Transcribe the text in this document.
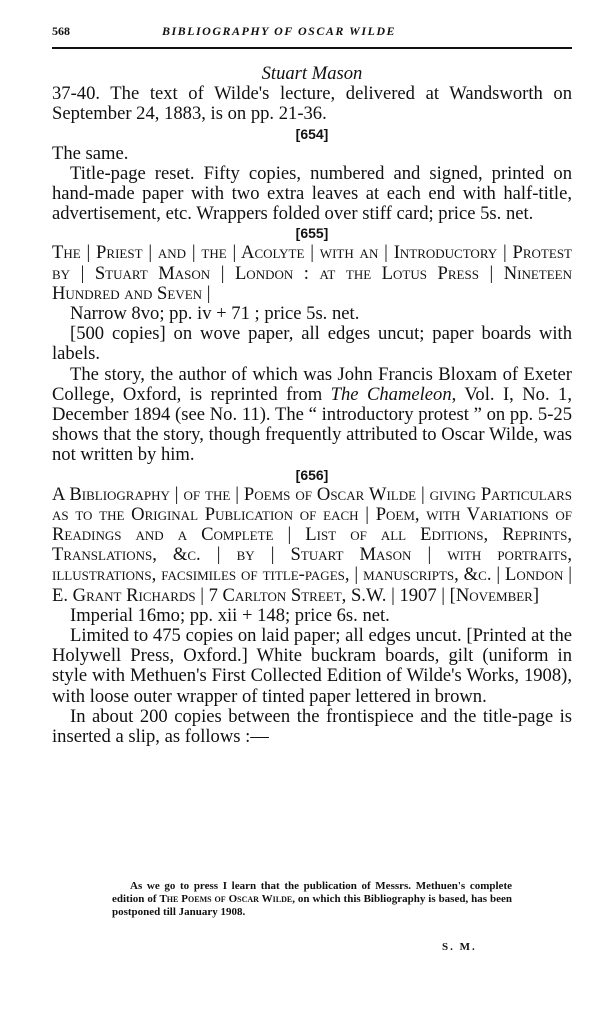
568	BIBLIOGRAPHY OF OSCAR WILDE

Stuart Mason

37-40. The text of Wilde's lecture, delivered at Wandsworth on September 24, 1883, is on pp. 21-36.

[654]

The same.

Title-page reset. Fifty copies, numbered and signed, printed on hand-made paper with two extra leaves at each end with half-title, advertisement, etc. Wrappers folded over stiff card; price 5s. net.

[655]

The | Priest | and | the | Acolyte | with an | Introductory | Protest by | Stuart Mason | London : at the Lotus Press | Nineteen Hundred and Seven |

Narrow 8vo; pp. iv + 71 ; price 5s. net.

[500 copies] on wove paper, all edges uncut; paper boards with labels.

The story, the author of which was John Francis Bloxam of Exeter College, Oxford, is reprinted from The Chameleon, Vol. I, No. 1, December 1894 (see No. 11). The “ introductory protest ” on pp. 5-25 shows that the story, though frequently attributed to Oscar Wilde, was not written by him.

[656]

A Bibliography | of the | Poems of Oscar Wilde | giving Particulars as to the Original Publication of each | Poem, with Variations of Readings and a Complete | List of all Editions, Reprints, Translations, &c. | by | Stuart Mason | with portraits, illustrations, facsimiles of title-pages, | manuscripts, &c. | London | E. Grant Richards | 7 Carlton Street, S.W. | 1907 | [November]

Imperial 16mo; pp. xii + 148; price 6s. net.

Limited to 475 copies on laid paper; all edges uncut. [Printed at the Holywell Press, Oxford.] White buckram boards, gilt (uniform in style with Methuen's First Collected Edition of Wilde's Works, 1908), with loose outer wrapper of tinted paper lettered in brown.

In about 200 copies between the frontispiece and the title-page is inserted a slip, as follows :—

As we go to press I learn that the publication of Messrs. Methuen's complete edition of The Poems of Oscar Wilde, on which this Bibliography is based, has been postponed till January 1908.

S. M.
